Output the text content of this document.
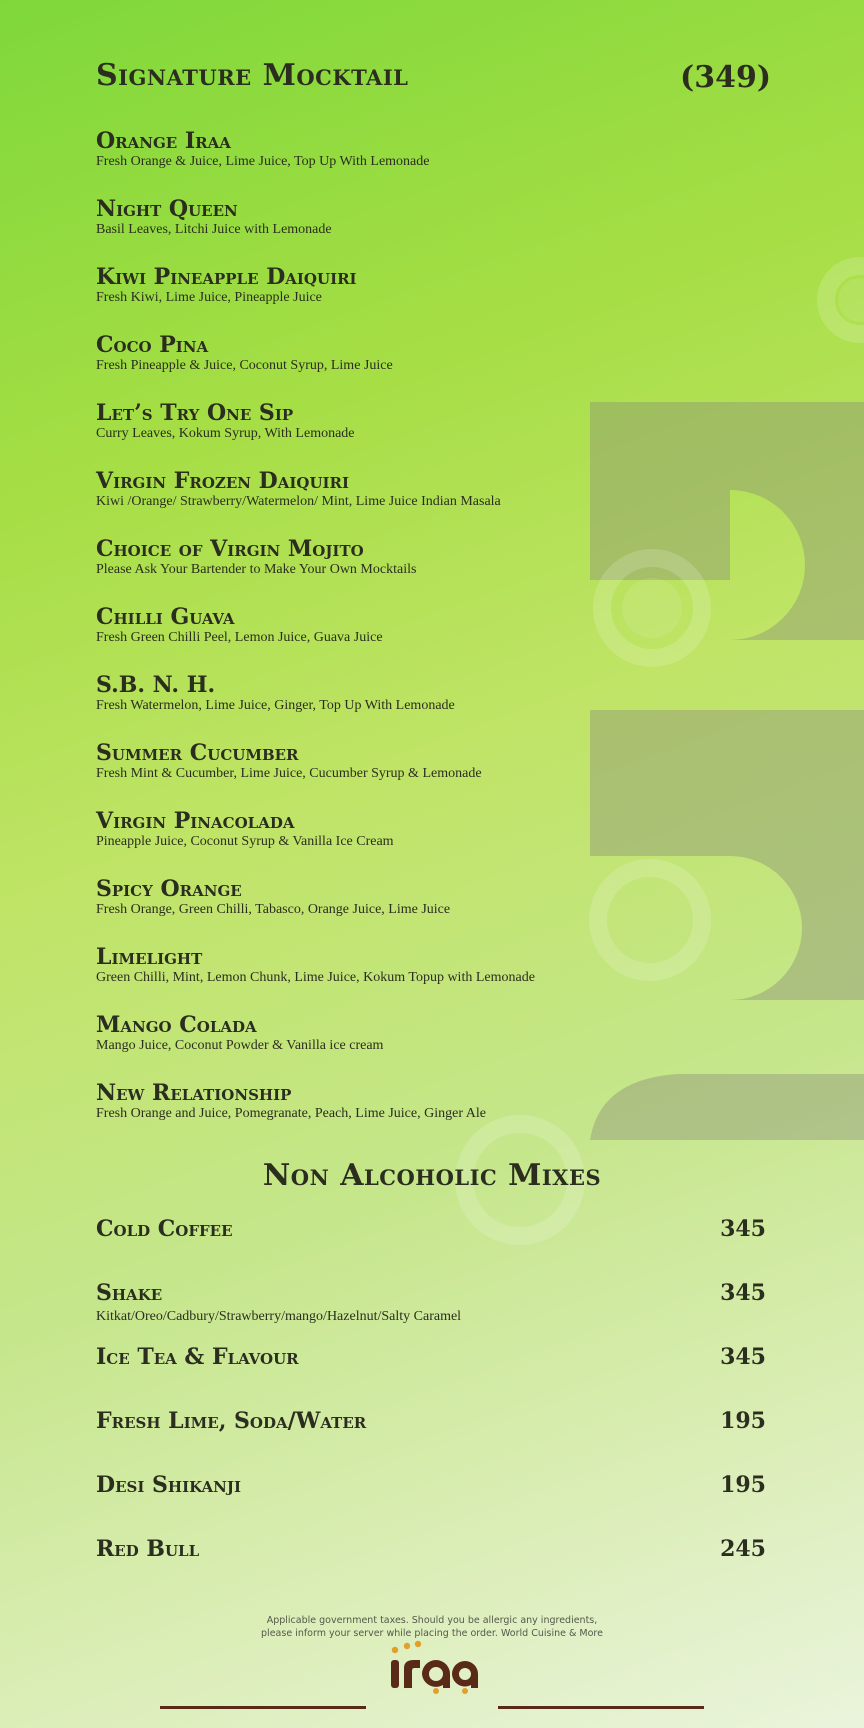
Signature Mocktail	(349)
Orange Iraa
Fresh Orange & Juice, Lime Juice, Top Up With Lemonade
Night Queen
Basil Leaves, Litchi Juice with Lemonade
Kiwi Pineapple Daiquiri
Fresh Kiwi, Lime Juice, Pineapple Juice
Coco Pina
Fresh Pineapple & Juice, Coconut Syrup, Lime Juice
Let’s Try One Sip
Curry Leaves, Kokum Syrup, With Lemonade
Virgin Frozen Daiquiri
Kiwi /Orange/ Strawberry/Watermelon/ Mint, Lime Juice Indian Masala
Choice of Virgin Mojito
Please Ask Your Bartender to Make Your Own Mocktails
Chilli Guava
Fresh Green Chilli Peel, Lemon Juice, Guava Juice
S.B. N. H.
Fresh Watermelon, Lime Juice, Ginger, Top Up With Lemonade
Summer Cucumber
Fresh Mint & Cucumber, Lime Juice, Cucumber Syrup & Lemonade
Virgin Pinacolada
Pineapple Juice, Coconut Syrup & Vanilla Ice Cream
Spicy Orange
Fresh Orange, Green Chilli, Tabasco, Orange Juice, Lime Juice
Limelight
Green Chilli, Mint, Lemon Chunk, Lime Juice, Kokum Topup with Lemonade
Mango Colada
Mango Juice, Coconut Powder & Vanilla ice cream
New Relationship
Fresh Orange and Juice, Pomegranate, Peach, Lime Juice, Ginger Ale
Non Alcoholic Mixes
Cold Coffee	345
Shake	345
Kitkat/Oreo/Cadbury/Strawberry/mango/Hazelnut/Salty Caramel
Ice Tea & Flavour	345
Fresh Lime, Soda/Water	195
Desi Shikanji	195
Red Bull	245
Applicable government taxes. Should you be allergic any ingredients,
please inform your server while placing the order. World Cuisine & More
